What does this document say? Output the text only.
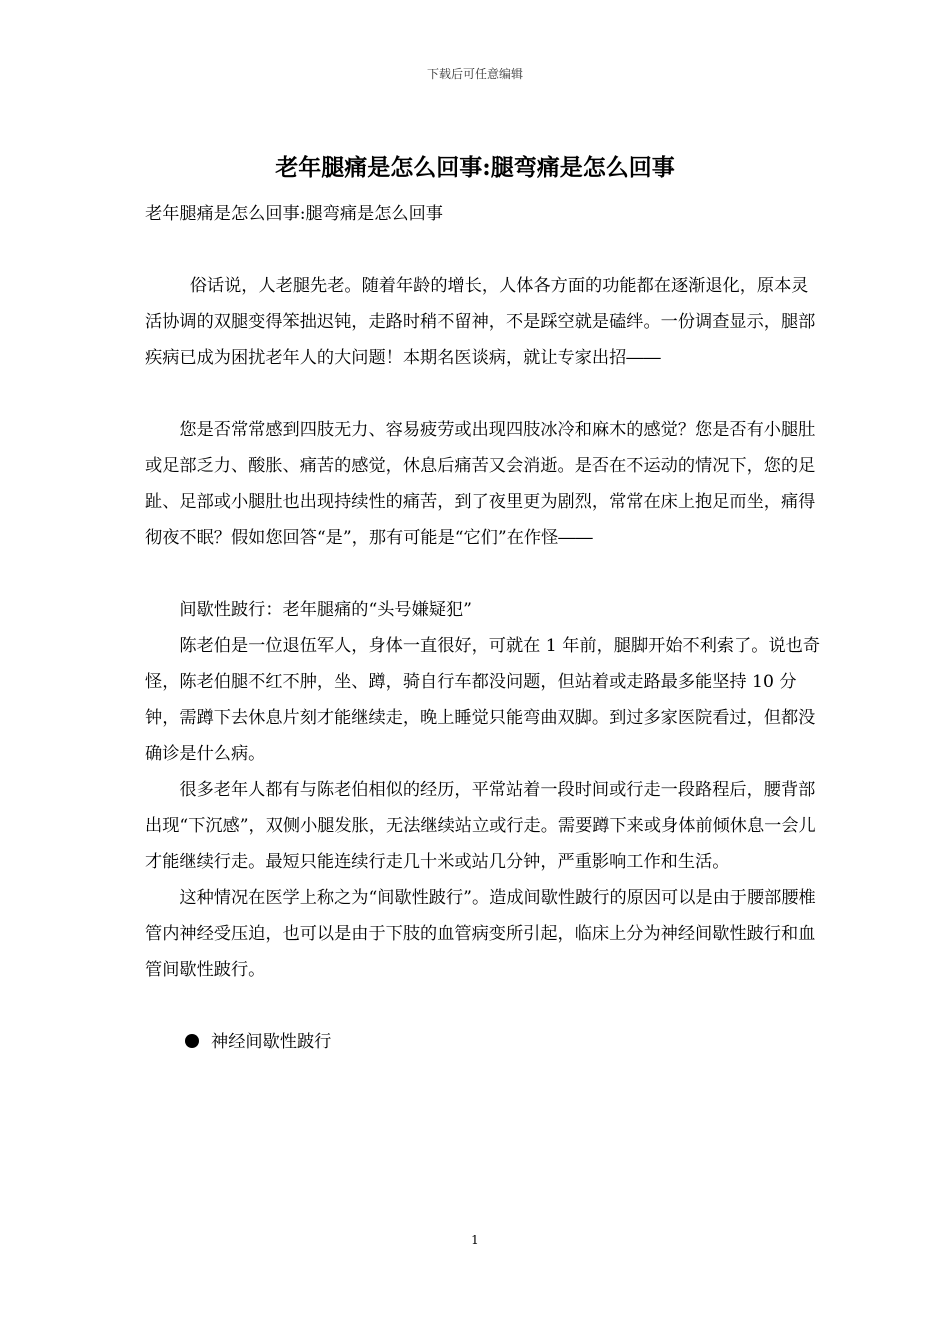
下载后可任意编辑
老年腿痛是怎么回事:腿弯痛是怎么回事

老年腿痛是怎么回事:腿弯痛是怎么回事

俗话说，人老腿先老。随着年龄的增长，人体各方面的功能都在逐渐退化，原本灵活协调的双腿变得笨拙迟钝，走路时稍不留神，不是踩空就是磕绊。一份调查显示，腿部疾病已成为困扰老年人的大问题！本期名医谈病，就让专家出招――

您是否常常感到四肢无力、容易疲劳或出现四肢冰冷和麻木的感觉？您是否有小腿肚或足部乏力、酸胀、痛苦的感觉，休息后痛苦又会消逝。是否在不运动的情况下，您的足趾、足部或小腿肚也出现持续性的痛苦，到了夜里更为剧烈，常常在床上抱足而坐，痛得彻夜不眠？假如您回答“是”，那有可能是“它们”在作怪――

间歇性跛行：老年腿痛的“头号嫌疑犯”

陈老伯是一位退伍军人，身体一直很好，可就在 1 年前，腿脚开始不利索了。说也奇怪，陈老伯腿不红不肿，坐、蹲，骑自行车都没问题，但站着或走路最多能坚持 10 分钟，需蹲下去休息片刻才能继续走，晚上睡觉只能弯曲双脚。到过多家医院看过，但都没确诊是什么病。

很多老年人都有与陈老伯相似的经历，平常站着一段时间或行走一段路程后，腰背部出现“下沉感”，双侧小腿发胀，无法继续站立或行走。需要蹲下来或身体前倾休息一会儿才能继续行走。最短只能连续行走几十米或站几分钟，严重影响工作和生活。

这种情况在医学上称之为“间歇性跛行”。造成间歇性跛行的原因可以是由于腰部腰椎管内神经受压迫，也可以是由于下肢的血管病变所引起，临床上分为神经间歇性跛行和血管间歇性跛行。

神经间歇性跛行

1
